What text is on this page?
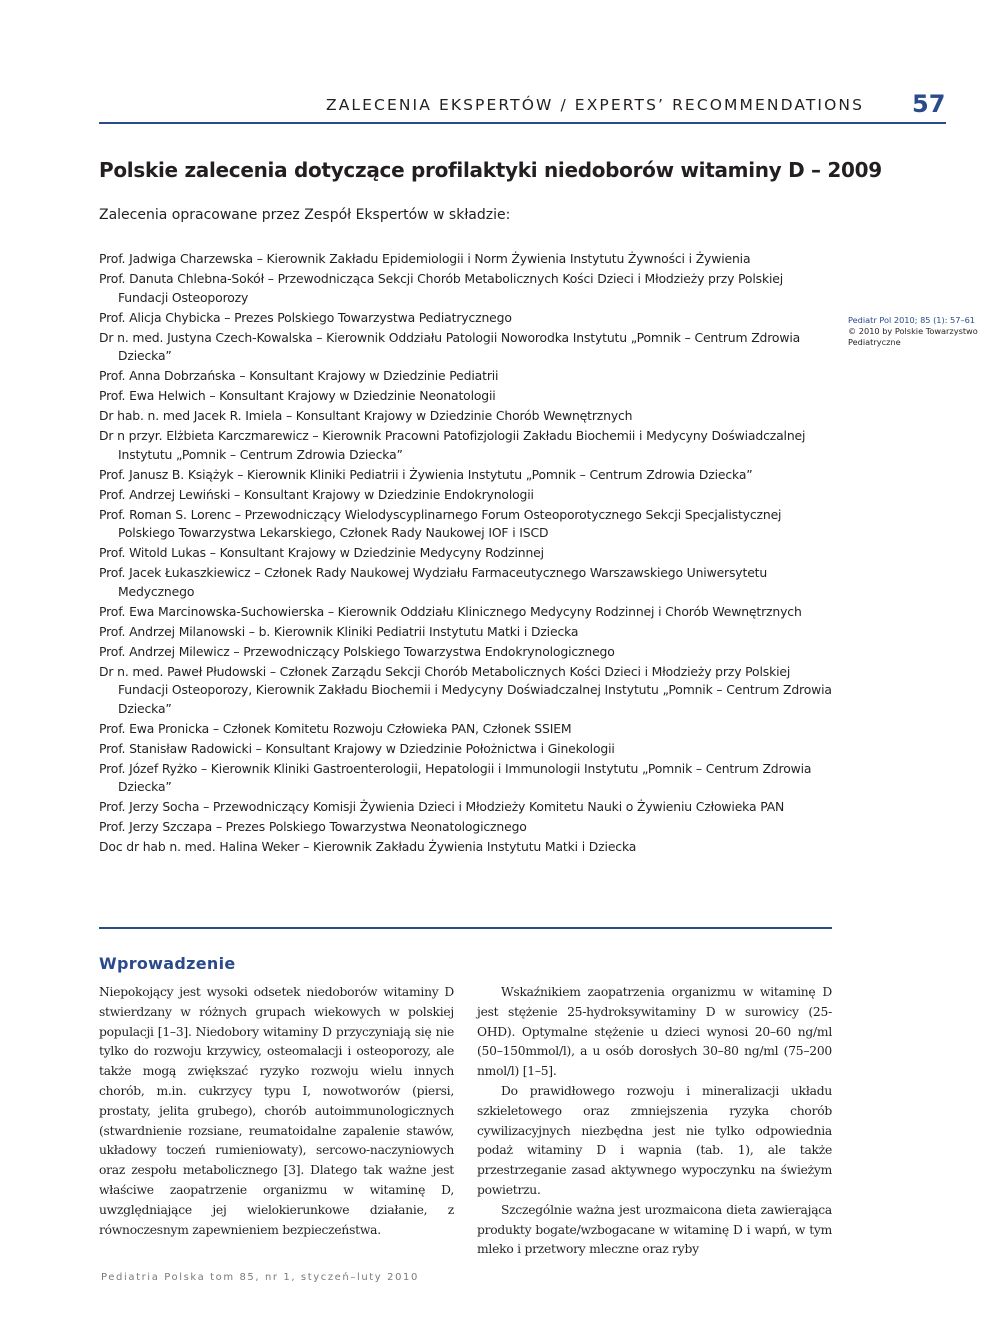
ZALECENIA EKSPERTÓW / EXPERTS’ RECOMMENDATIONS 57
Polskie zalecenia dotyczące profilaktyki niedoborów witaminy D – 2009
Zalecenia opracowane przez Zespół Ekspertów w składzie:
Prof. Jadwiga Charzewska – Kierownik Zakładu Epidemiologii i Norm Żywienia Instytutu Żywności i Żywienia
Prof. Danuta Chlebna-Sokół – Przewodnicząca Sekcji Chorób Metabolicznych Kości Dzieci i Młodzieży przy Polskiej Fundacji Osteoporozy
Prof. Alicja Chybicka – Prezes Polskiego Towarzystwa Pediatrycznego
Dr n. med. Justyna Czech-Kowalska – Kierownik Oddziału Patologii Noworodka Instytutu „Pomnik – Centrum Zdrowia Dziecka”
Prof. Anna Dobrzańska – Konsultant Krajowy w Dziedzinie Pediatrii
Prof. Ewa Helwich – Konsultant Krajowy w Dziedzinie Neonatologii
Dr hab. n. med Jacek R. Imiela – Konsultant Krajowy w Dziedzinie Chorób Wewnętrznych
Dr n przyr. Elżbieta Karczmarewicz – Kierownik Pracowni Patofizjologii Zakładu Biochemii i Medycyny Doświadczalnej Instytutu „Pomnik – Centrum Zdrowia Dziecka”
Prof. Janusz B. Książyk – Kierownik Kliniki Pediatrii i Żywienia Instytutu „Pomnik – Centrum Zdrowia Dziecka”
Prof. Andrzej Lewiński – Konsultant Krajowy w Dziedzinie Endokrynologii
Prof. Roman S. Lorenc – Przewodniczący Wielodyscyplinarnego Forum Osteoporotycznego Sekcji Specjalistycznej Polskiego Towarzystwa Lekarskiego, Członek Rady Naukowej IOF i ISCD
Prof. Witold Lukas – Konsultant Krajowy w Dziedzinie Medycyny Rodzinnej
Prof. Jacek Łukaszkiewicz – Członek Rady Naukowej Wydziału Farmaceutycznego Warszawskiego Uniwersytetu Medycznego
Prof. Ewa Marcinowska-Suchowierska – Kierownik Oddziału Klinicznego Medycyny Rodzinnej i Chorób Wewnętrznych
Prof. Andrzej Milanowski – b. Kierownik Kliniki Pediatrii Instytutu Matki i Dziecka
Prof. Andrzej Milewicz – Przewodniczący Polskiego Towarzystwa Endokrynologicznego
Dr n. med. Paweł Płudowski – Członek Zarządu Sekcji Chorób Metabolicznych Kości Dzieci i Młodzieży przy Polskiej Fundacji Osteoporozy, Kierownik Zakładu Biochemii i Medycyny Doświadczalnej Instytutu „Pomnik – Centrum Zdrowia Dziecka”
Prof. Ewa Pronicka – Członek Komitetu Rozwoju Człowieka PAN, Członek SSIEM
Prof. Stanisław Radowicki – Konsultant Krajowy w Dziedzinie Położnictwa i Ginekologii
Prof. Józef Ryżko – Kierownik Kliniki Gastroenterologii, Hepatologii i Immunologii Instytutu „Pomnik – Centrum Zdrowia Dziecka”
Prof. Jerzy Socha – Przewodniczący Komisji Żywienia Dzieci i Młodzieży Komitetu Nauki o Żywieniu Człowieka PAN
Prof. Jerzy Szczapa – Prezes Polskiego Towarzystwa Neonatologicznego
Doc dr hab n. med. Halina Weker – Kierownik Zakładu Żywienia Instytutu Matki i Dziecka
Pediatr Pol 2010; 85 (1): 57–61
© 2010 by Polskie Towarzystwo Pediatryczne
Wprowadzenie

Niepokojący jest wysoki odsetek niedoborów witaminy D stwierdzany w różnych grupach wiekowych w polskiej populacji [1–3]. Niedobory witaminy D przyczyniają się nie tylko do rozwoju krzywicy, osteomalacji i osteoporozy, ale także mogą zwiększać ryzyko rozwoju wielu innych chorób, m.in. cukrzycy typu I, nowotworów (piersi, prostaty, jelita grubego), chorób autoimmunologicznych (stwardnienie rozsiane, reumatoidalne zapalenie stawów, układowy toczeń rumieniowaty), sercowo-naczyniowych oraz zespołu metabolicznego [3]. Dlatego tak ważne jest właściwe zaopatrzenie organizmu w witaminę D, uwzględniające jej wielokierunkowe działanie, z równoczesnym zapewnieniem bezpieczeństwa.

Wskaźnikiem zaopatrzenia organizmu w witaminę D jest stężenie 25-hydroksywitaminy D w surowicy (25-OHD). Optymalne stężenie u dzieci wynosi 20–60 ng/ml (50–150mmol/l), a u osób dorosłych 30–80 ng/ml (75–200 nmol/l) [1–5].

Do prawidłowego rozwoju i mineralizacji układu szkieletowego oraz zmniejszenia ryzyka chorób cywilizacyjnych niezbędna jest nie tylko odpowiednia podaż witaminy D i wapnia (tab. 1), ale także przestrzeganie zasad aktywnego wypoczynku na świeżym powietrzu.

Szczególnie ważna jest urozmaicona dieta zawierająca produkty bogate/wzbogacane w witaminę D i wapń, w tym mleko i przetwory mleczne oraz ryby

Pediatria Polska tom 85, nr 1, styczeń–luty 2010
